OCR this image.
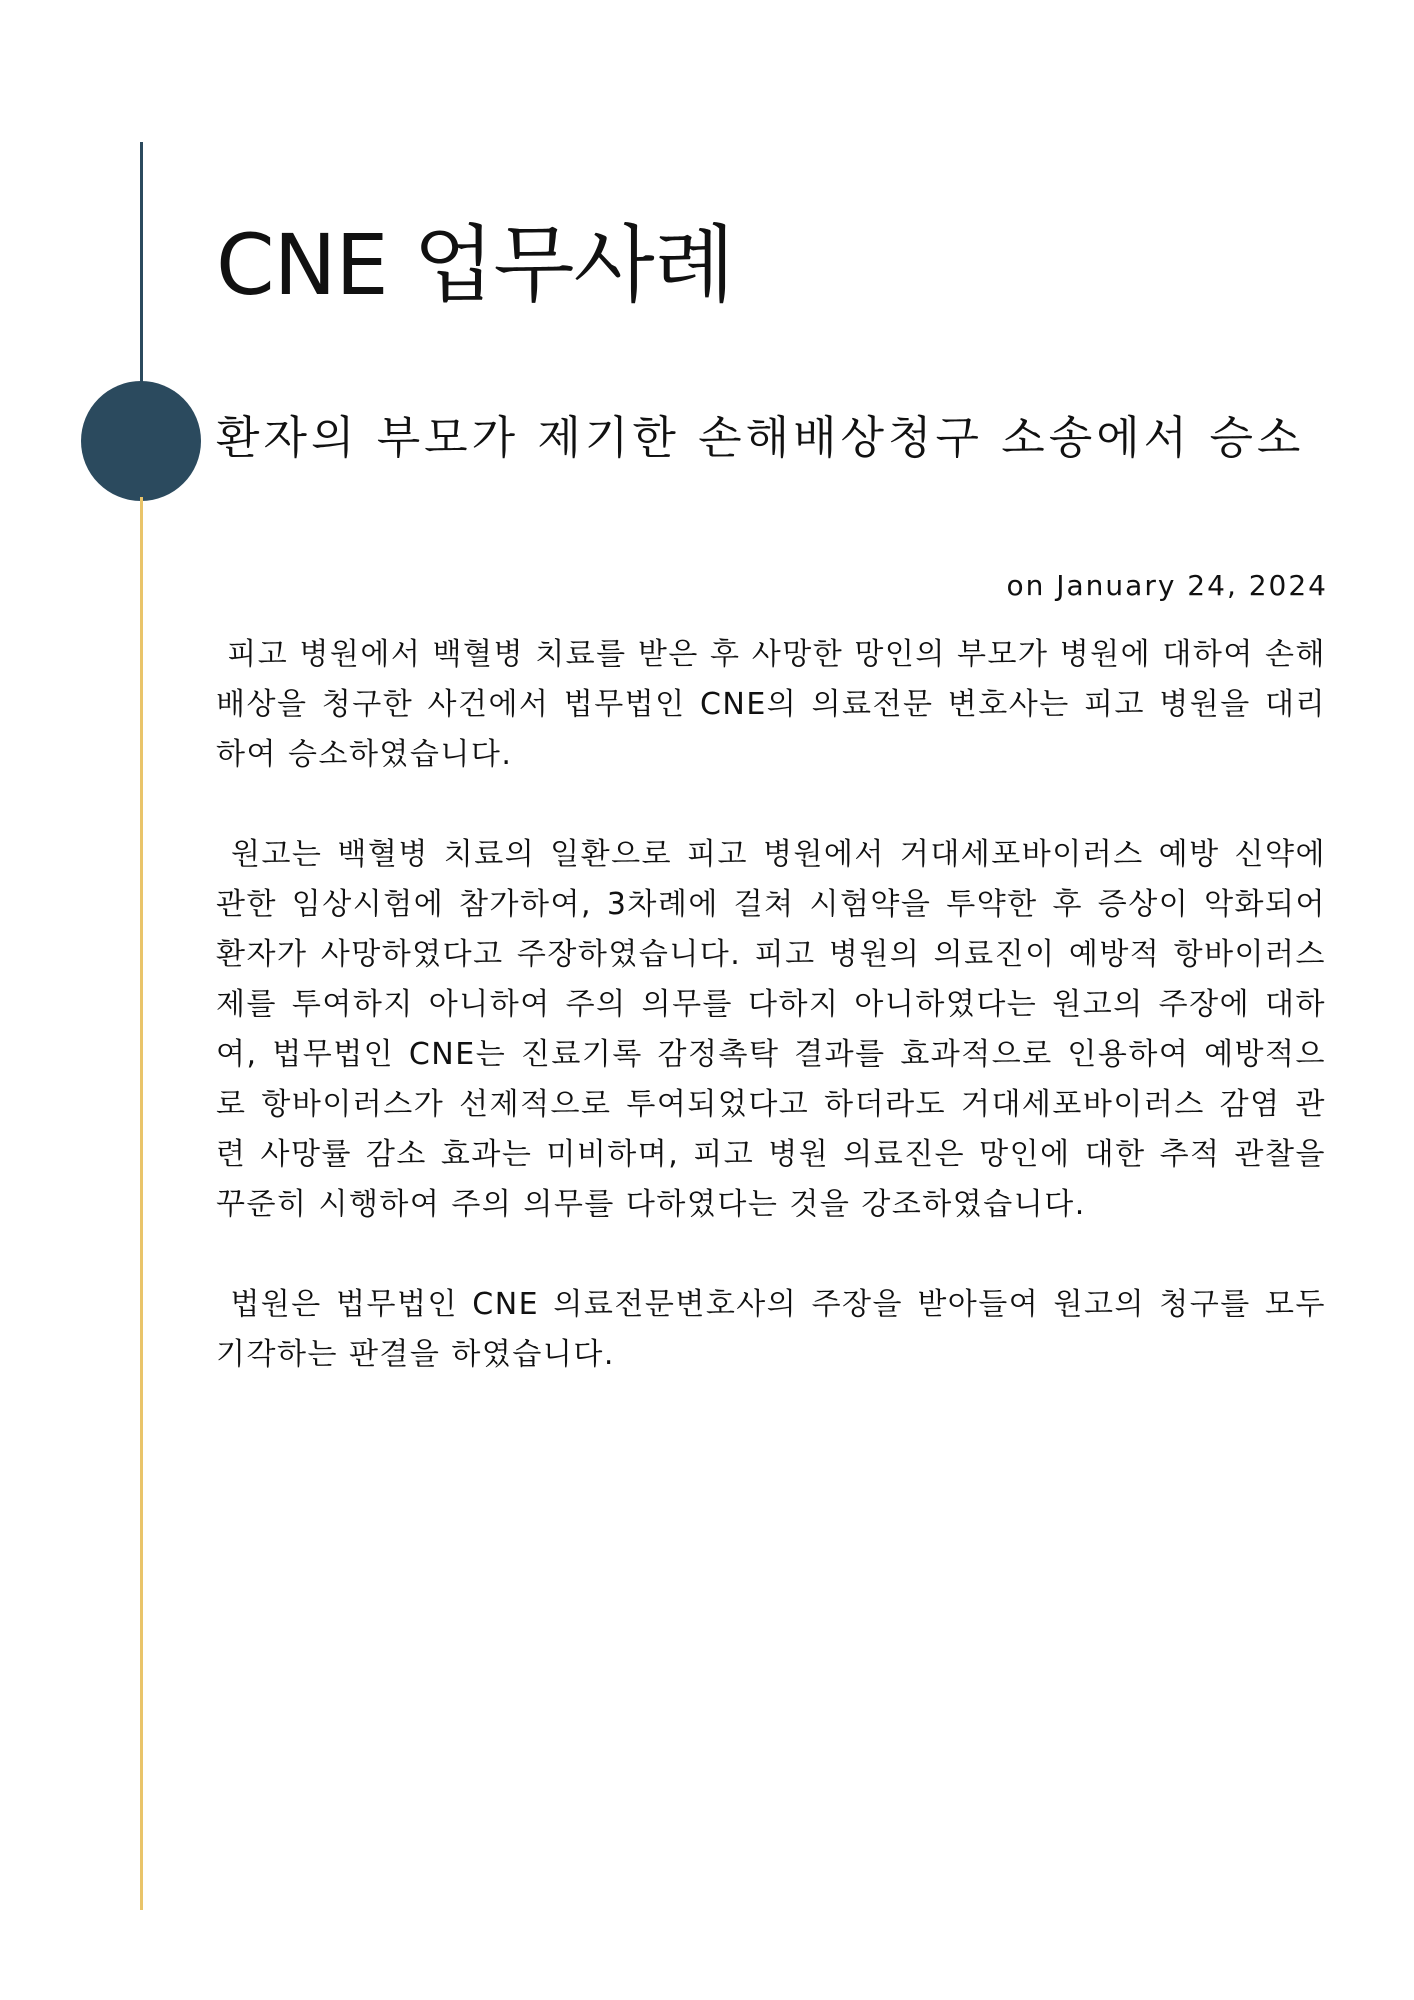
CNE 업무사례
환자의 부모가 제기한 손해배상청구 소송에서 승소
on January 24, 2024

피고 병원에서 백혈병 치료를 받은 후 사망한 망인의 부모가 병원에 대하여 손해배상을 청구한 사건에서 법무법인 CNE의 의료전문 변호사는 피고 병원을 대리하여 승소하였습니다.

원고는 백혈병 치료의 일환으로 피고 병원에서 거대세포바이러스 예방 신약에 관한 임상시험에 참가하여, 3차례에 걸쳐 시험약을 투약한 후 증상이 악화되어 환자가 사망하였다고 주장하였습니다. 피고 병원의 의료진이 예방적 항바이러스제를 투여하지 아니하여 주의 의무를 다하지 아니하였다는 원고의 주장에 대하여, 법무법인 CNE는 진료기록 감정촉탁 결과를 효과적으로 인용하여 예방적으로 항바이러스가 선제적으로 투여되었다고 하더라도 거대세포바이러스 감염 관련 사망률 감소 효과는 미비하며, 피고 병원 의료진은 망인에 대한 추적 관찰을 꾸준히 시행하여 주의 의무를 다하였다는 것을 강조하였습니다.

법원은 법무법인 CNE 의료전문변호사의 주장을 받아들여 원고의 청구를 모두 기각하는 판결을 하였습니다.
